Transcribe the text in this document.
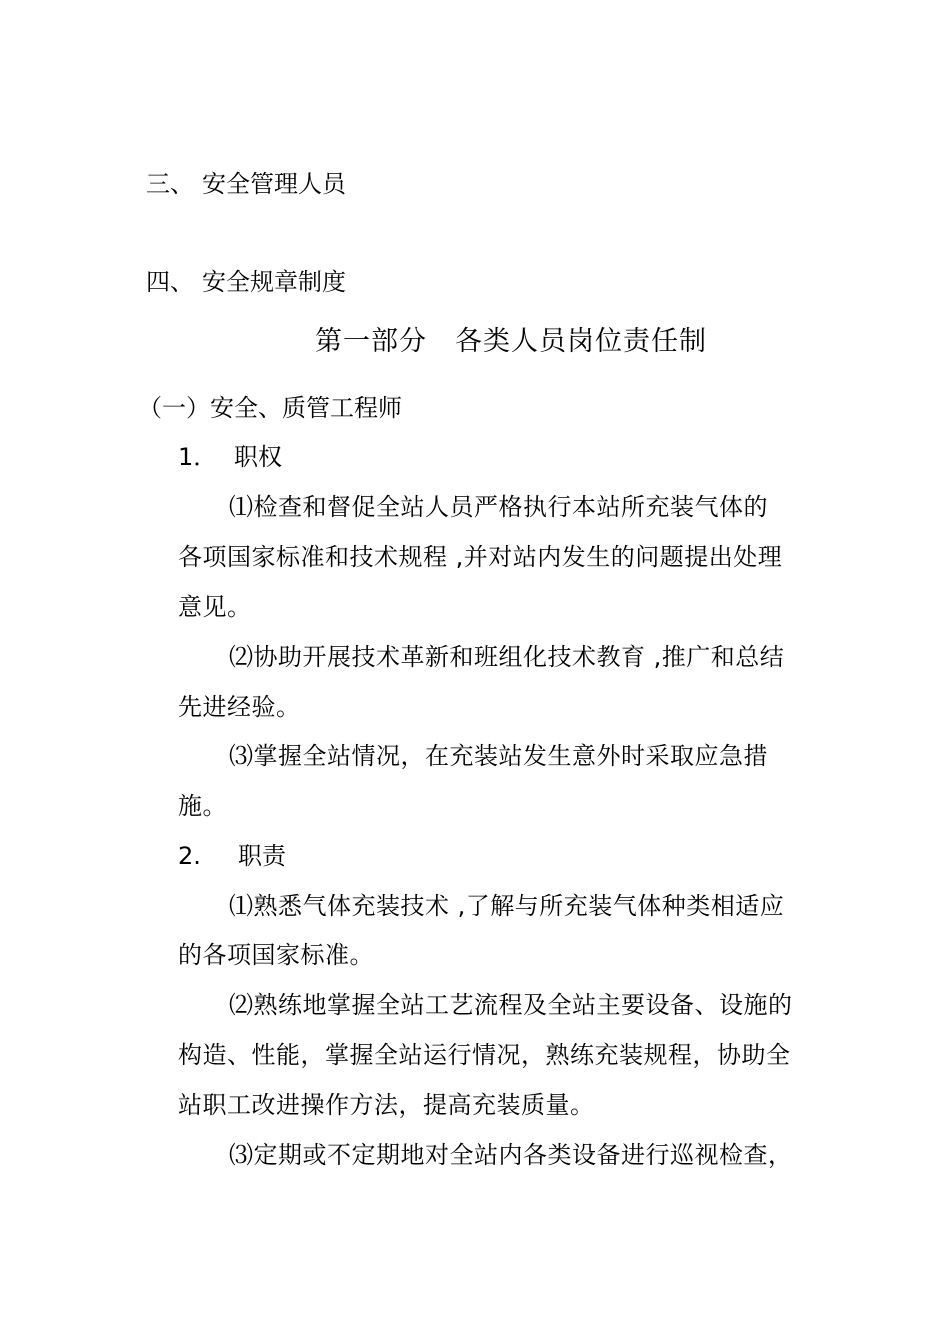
三、 安全管理人员
四、 安全规章制度
第一部分　各类人员岗位责任制
（一）安全、质管工程师
1． 职权
⑴检查和督促全站人员严格执行本站所充装气体的
各项国家标准和技术规程 ,并对站内发生的问题提出处理
意见。
⑵协助开展技术革新和班组化技术教育 ,推广和总结
先进经验。
⑶掌握全站情况，在充装站发生意外时采取应急措
施。
2. 职责
⑴熟悉气体充装技术 ,了解与所充装气体种类相适应
的各项国家标准。
⑵熟练地掌握全站工艺流程及全站主要设备、设施的
构造、性能，掌握全站运行情况，熟练充装规程，协助全
站职工改进操作方法，提高充装质量。
⑶定期或不定期地对全站内各类设备进行巡视检查，
